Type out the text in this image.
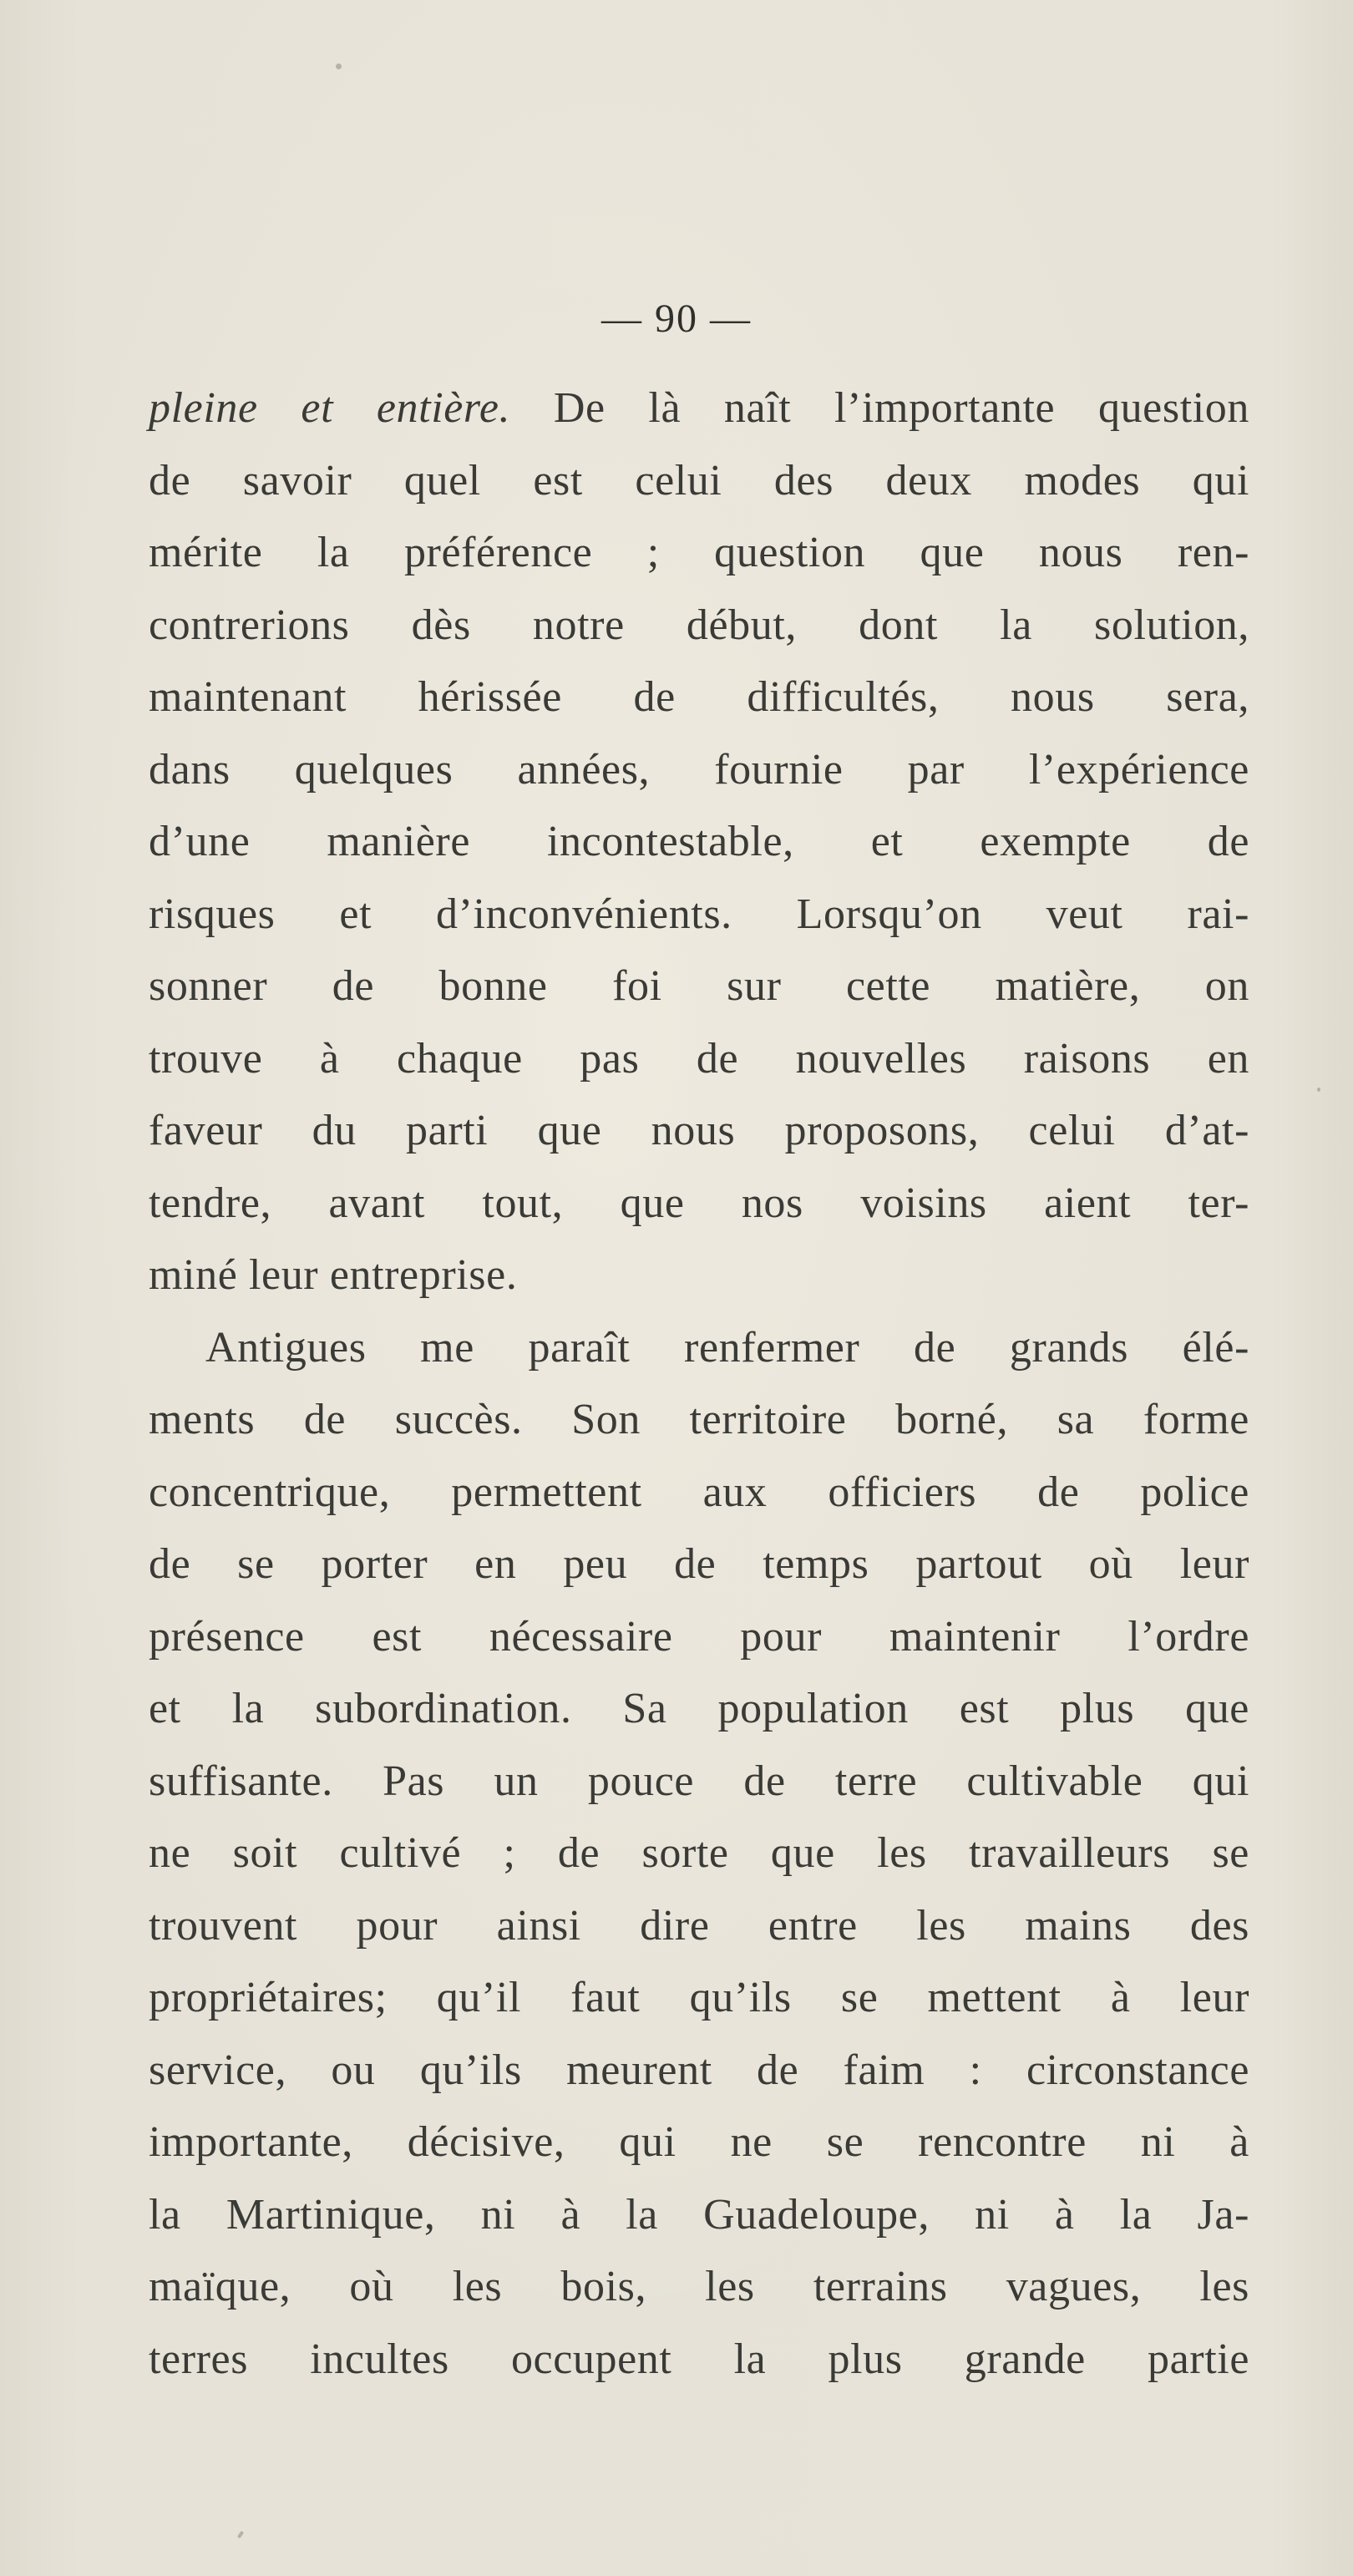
— 90 —
pleine et entière. De là naît l’importante question
de savoir quel est celui des deux modes qui
mérite la préférence ; question que nous ren-
contrerions dès notre début, dont la solution,
maintenant hérissée de difficultés, nous sera,
dans quelques années, fournie par l’expérience
d’une manière incontestable, et exempte de
risques et d’inconvénients. Lorsqu’on veut rai-
sonner de bonne foi sur cette matière, on
trouve à chaque pas de nouvelles raisons en
faveur du parti que nous proposons, celui d’at-
tendre, avant tout, que nos voisins aient ter-
miné leur entreprise.
Antigues me paraît renfermer de grands élé-
ments de succès. Son territoire borné, sa forme
concentrique, permettent aux officiers de police
de se porter en peu de temps partout où leur
présence est nécessaire pour maintenir l’ordre
et la subordination. Sa population est plus que
suffisante. Pas un pouce de terre cultivable qui
ne soit cultivé ; de sorte que les travailleurs se
trouvent pour ainsi dire entre les mains des
propriétaires; qu’il faut qu’ils se mettent à leur
service, ou qu’ils meurent de faim : circonstance
importante, décisive, qui ne se rencontre ni à
la Martinique, ni à la Guadeloupe, ni à la Ja-
maïque, où les bois, les terrains vagues, les
terres incultes occupent la plus grande partie
